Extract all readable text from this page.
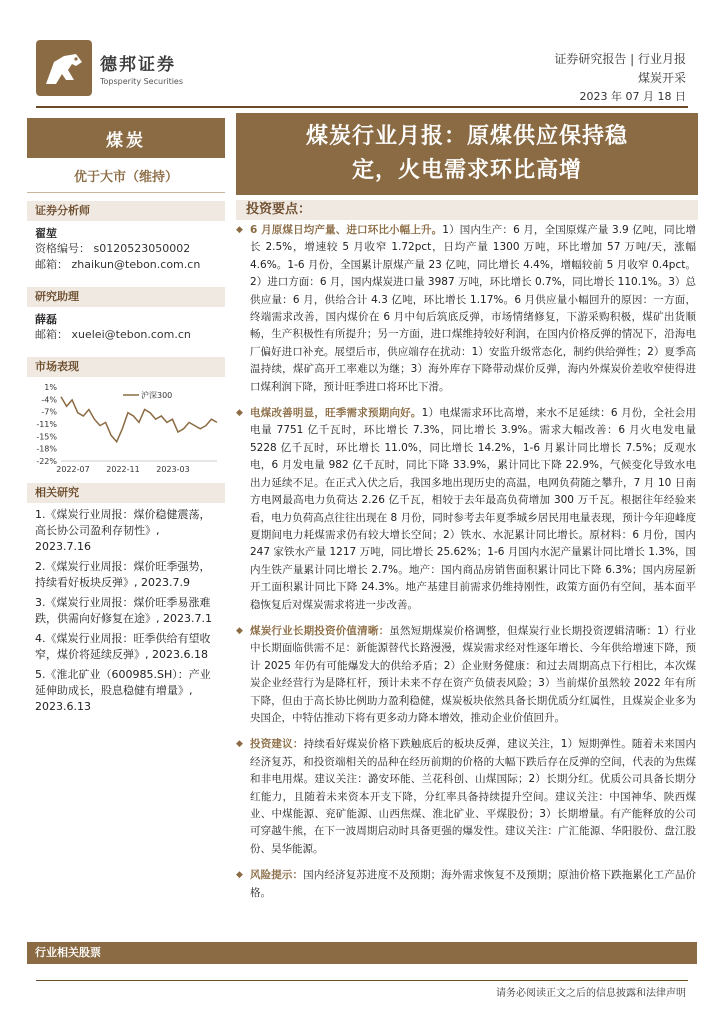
德邦证券
Topsperity Securities
证券研究报告 | 行业月报
煤炭开采
2023 年 07 月 18 日
煤炭
优于大市（维持）
证券分析师
翟堃
资格编号： s0120523050002
邮箱： zhaikun@tebon.com.cn
研究助理
薛磊
邮箱： xuelei@tebon.com.cn
市场表现
1%
-4%
-7%
-11%
-15%
-18%
-22%
2022-07 2022-11 2023-03
沪深300
相关研究
1.《煤炭行业周报：煤价稳健震荡，高长协公司盈利存韧性》, 2023.7.16
2.《煤炭行业周报：煤价旺季强势，持续看好板块反弹》, 2023.7.9
3.《煤炭行业周报：煤价旺季易涨难跌，供需向好修复在途》, 2023.7.1
4.《煤炭行业周报：旺季供给有望收窄，煤价将延续反弹》, 2023.6.18
5.《淮北矿业（600985.SH）：产业延伸助成长，股息稳健有增量》, 2023.6.13
煤炭行业月报：原煤供应保持稳
定，火电需求环比高增
投资要点：
◆ 6 月原煤日均产量、进口环比小幅上升。1）国内生产：6 月，全国原煤产量 3.9 亿吨，同比增长 2.5%，增速较 5 月收窄 1.72pct，日均产量 1300 万吨，环比增加 57 万吨/天，涨幅 4.6%。1-6 月份，全国累计原煤产量 23 亿吨，同比增长 4.4%，增幅较前 5 月收窄 0.4pct。2）进口方面：6 月，国内煤炭进口量 3987 万吨，环比增长 0.7%，同比增长 110.1%。3）总供应量：6 月，供给合计 4.3 亿吨，环比增长 1.17%。6 月供应量小幅回升的原因：一方面，终端需求改善，国内煤价在 6 月中旬后筑底反弹，市场情绪修复，下游采购积极，煤矿出货顺畅，生产积极性有所提升；另一方面，进口煤维持较好利润，在国内价格反弹的情况下，沿海电厂偏好进口补充。展望后市，供应端存在扰动：1）安监升级常态化，制约供给弹性；2）夏季高温持续，煤矿高开工率难以为继；3）海外库存下降带动煤价反弹，海内外煤炭价差收窄使得进口煤利润下降，预计旺季进口将环比下滑。
◆ 电煤改善明显，旺季需求预期向好。1）电煤需求环比高增，来水不足延续：6 月份，全社会用电量 7751 亿千瓦时，环比增长 7.3%，同比增长 3.9%。需求大幅改善：6 月火电发电量 5228 亿千瓦时，环比增长 11.0%，同比增长 14.2%，1-6 月累计同比增长 7.5%；反观水电，6 月发电量 982 亿千瓦时，同比下降 33.9%，累计同比下降 22.9%，气候变化导致水电出力延续不足。在正式入伏之后，我国多地出现历史的高温，电网负荷随之攀升，7 月 10 日南方电网最高电力负荷达 2.26 亿千瓦，相较于去年最高负荷增加 300 万千瓦。根据往年经验来看，电力负荷高点往往出现在 8 月份，同时参考去年夏季城乡居民用电量表现，预计今年迎峰度夏期间电力耗煤需求仍有较大增长空间；2）铁水、水泥累计同比增长。原材料：6 月份，国内 247 家铁水产量 1217 万吨，同比增长 25.62%；1-6 月国内水泥产量累计同比增长 1.3%，国内生铁产量累计同比增长 2.7%。地产：国内商品房销售面积累计同比下降 6.3%；国内房屋新开工面积累计同比下降 24.3%。地产基建目前需求仍维持刚性，政策方面仍有空间，基本面平稳恢复后对煤炭需求将进一步改善。
◆ 煤炭行业长期投资价值清晰：虽然短期煤炭价格调整，但煤炭行业长期投资逻辑清晰：1）行业中长期面临供需不足：新能源替代长路漫漫，煤炭需求经对性逐年增长、今年供给增速下降，预计 2025 年仍有可能爆发大的供给矛盾；2）企业财务健康：和过去周期高点下行相比，本次煤炭企业经营行为是降杠杆，预计未来不存在资产负债表风险；3）当前煤价虽然较 2022 年有所下降，但由于高长协比例助力盈利稳健，煤炭板块依然具备长期优质分红属性，且煤炭企业多为央国企，中特估推动下将有更多动力降本增效，推动企业价值回升。
◆ 投资建议：持续看好煤炭价格下跌触底后的板块反弹，建议关注，1）短期弹性。随着未来国内经济复苏，和投资端相关的品种在经历前期的价格的大幅下跌后存在反弹的空间，代表的为焦煤和非电用煤。建议关注：潞安环能、兰花科创、山煤国际；2）长期分红。优质公司具备长期分红能力，且随着未来资本开支下降，分红率具备持续提升空间。建议关注：中国神华、陕西煤业、中煤能源、兖矿能源、山西焦煤、淮北矿业、平煤股份；3）长期增量。有产能释放的公司可穿越牛熊，在下一波周期启动时具备更强的爆发性。建议关注：广汇能源、华阳股份、盘江股份、昊华能源。
◆ 风险提示：国内经济复苏进度不及预期；海外需求恢复不及预期；原油价格下跌拖累化工产品价格。
行业相关股票
请务必阅读正文之后的信息披露和法律声明
